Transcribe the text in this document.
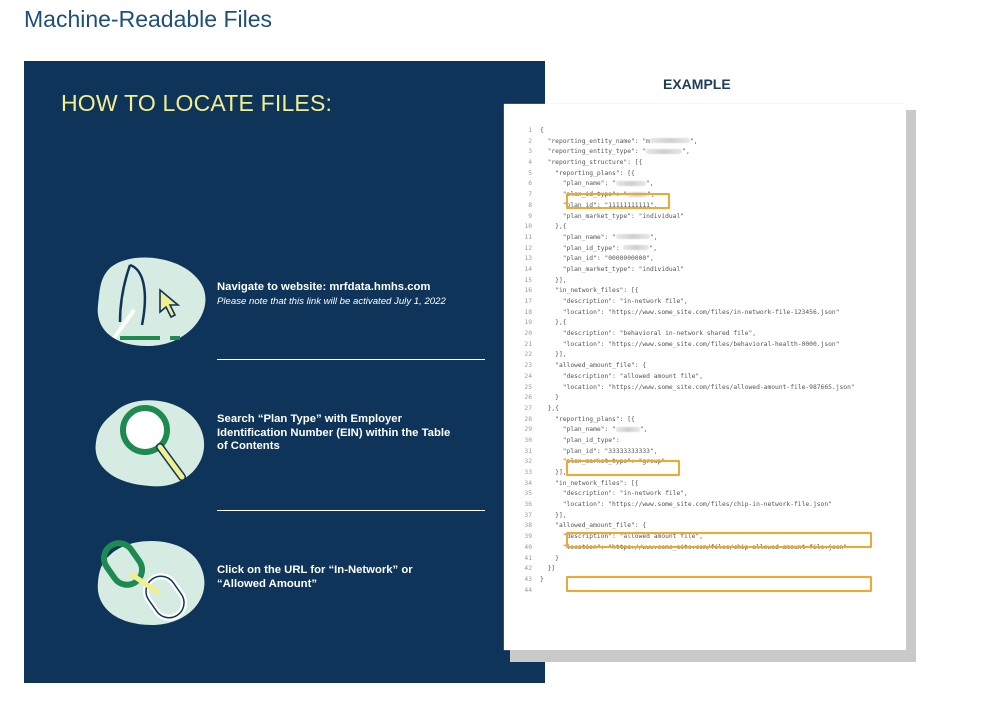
Machine-Readable Files
HOW TO LOCATE FILES:
Navigate to website: mrfdata.hmhs.com
Please note that this link will be activated July 1, 2022
Search “Plan Type” with Employer Identification Number (EIN) within the Table of Contents
Click on the URL for “In-Network” or “Allowed Amount”
EXAMPLE
1 {
2 "reporting_entity_name": "m	",
3 "reporting_entity_type": "	",
4 "reporting_structure": [{
5 "reporting_plans": [{
6 "plan_name": "	",
7 "plan_id_type": "	",
8 "plan_id": "11111111111",
9 "plan_market_type": "individual"
10 },{
11 "plan_name": "	",
12 "plan_id_type":	",
13 "plan_id": "0000000000",
14 "plan_market_type": "individual"
15 }],
16 "in_network_files": [{
17 "description": "in-network file",
18 "location": "https://www.some_site.com/files/in-network-file-123456.json"
19 },{
20 "description": "behavioral in-network shared file",
21 "location": "https://www.some_site.com/files/behavioral-health-0000.json"
22 }],
23 "allowed_amount_file": {
24 "description": "allowed amount file",
25 "location": "https://www.some_site.com/files/allowed-amount-file-987665.json"
26 }
27 },{
28 "reporting_plans": [{
29 "plan_name": "	",
30 "plan_id_type":
31 "plan_id": "33333333333",
32 "plan_market_type": "group"
33 }],
34 "in_network_files": [{
35 "description": "in-network file",
36 "location": "https://www.some_site.com/files/chip-in-network-file.json"
37 }],
38 "allowed_amount_file": {
39 "description": "allowed amount file",
40 "location": "https://www.some_site.com/files/chip-allowed-amount-file.json"
41 }
42 }]
43 }
44
